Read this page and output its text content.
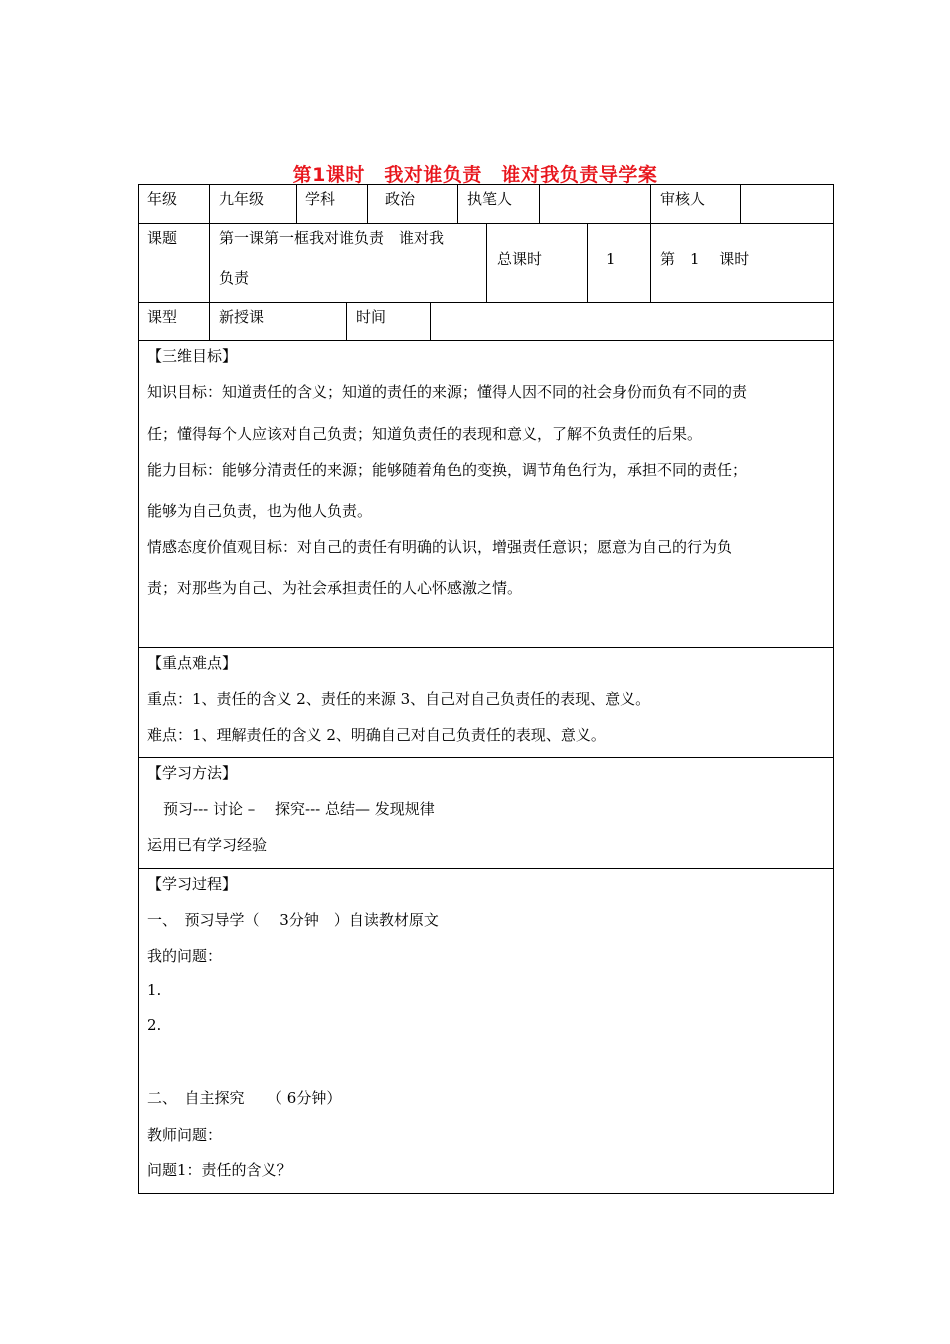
第1课时　我对谁负责　谁对我负责导学案
年级	九年级	学科	政治	执笔人	审核人
课题	第一课第一框我对谁负责　谁对我
负责
总课时	1	第　1　 课时
课型	新授课	时间
【三维目标】
知识目标：知道责任的含义；知道的责任的来源；懂得人因不同的社会身份而负有不同的责
任；懂得每个人应该对自己负责；知道负责任的表现和意义，了解不负责任的后果。
能力目标：能够分清责任的来源；能够随着角色的变换，调节角色行为，承担不同的责任；
能够为自己负责，也为他人负责。
情感态度价值观目标：对自己的责任有明确的认识，增强责任意识；愿意为自己的行为负
责；对那些为自己、为社会承担责任的人心怀感激之情。
【重点难点】
重点：1、责任的含义 2、责任的来源 3、自己对自己负责任的表现、意义。
难点：1、理解责任的含义 2、明确自己对自己负责任的表现、意义。
【学习方法】
预习--- 讨论 –　 探究--- 总结— 发现规律
运用已有学习经验
【学习过程】
一、　预习导学（　 3分钟　）自读教材原文
我的问题：
1.
2.
二、　自主探究　　（ 6分钟）
教师问题：
问题1：责任的含义？
